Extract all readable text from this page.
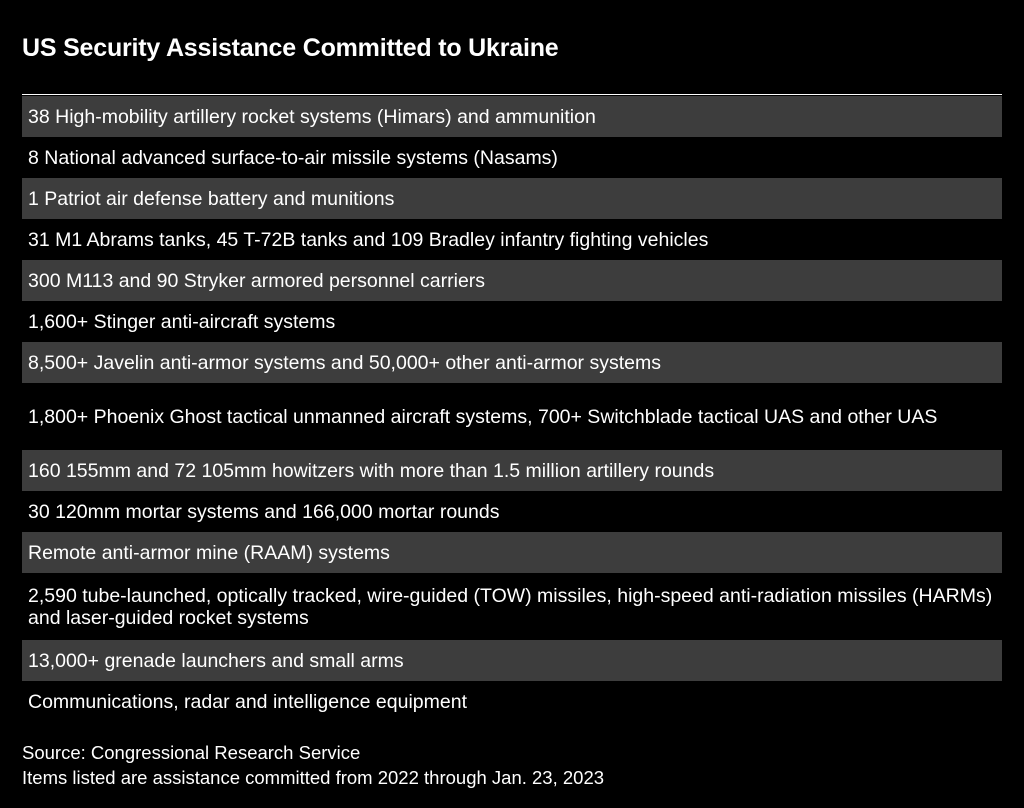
US Security Assistance Committed to Ukraine
38 High-mobility artillery rocket systems (Himars) and ammunition
8 National advanced surface-to-air missile systems (Nasams)
1 Patriot air defense battery and munitions
31 M1 Abrams tanks, 45 T-72B tanks and 109 Bradley infantry fighting vehicles
300 M113 and 90 Stryker armored personnel carriers
1,600+ Stinger anti-aircraft systems
8,500+ Javelin anti-armor systems and 50,000+ other anti-armor systems
1,800+ Phoenix Ghost tactical unmanned aircraft systems, 700+ Switchblade tactical UAS and other UAS
160 155mm and 72 105mm howitzers with more than 1.5 million artillery rounds
30 120mm mortar systems and 166,000 mortar rounds
Remote anti-armor mine (RAAM) systems
2,590 tube-launched, optically tracked, wire-guided (TOW) missiles, high-speed anti-radiation missiles (HARMs) and laser-guided rocket systems
13,000+ grenade launchers and small arms
Communications, radar and intelligence equipment
Source: Congressional Research Service
Items listed are assistance committed from 2022 through Jan. 23, 2023
